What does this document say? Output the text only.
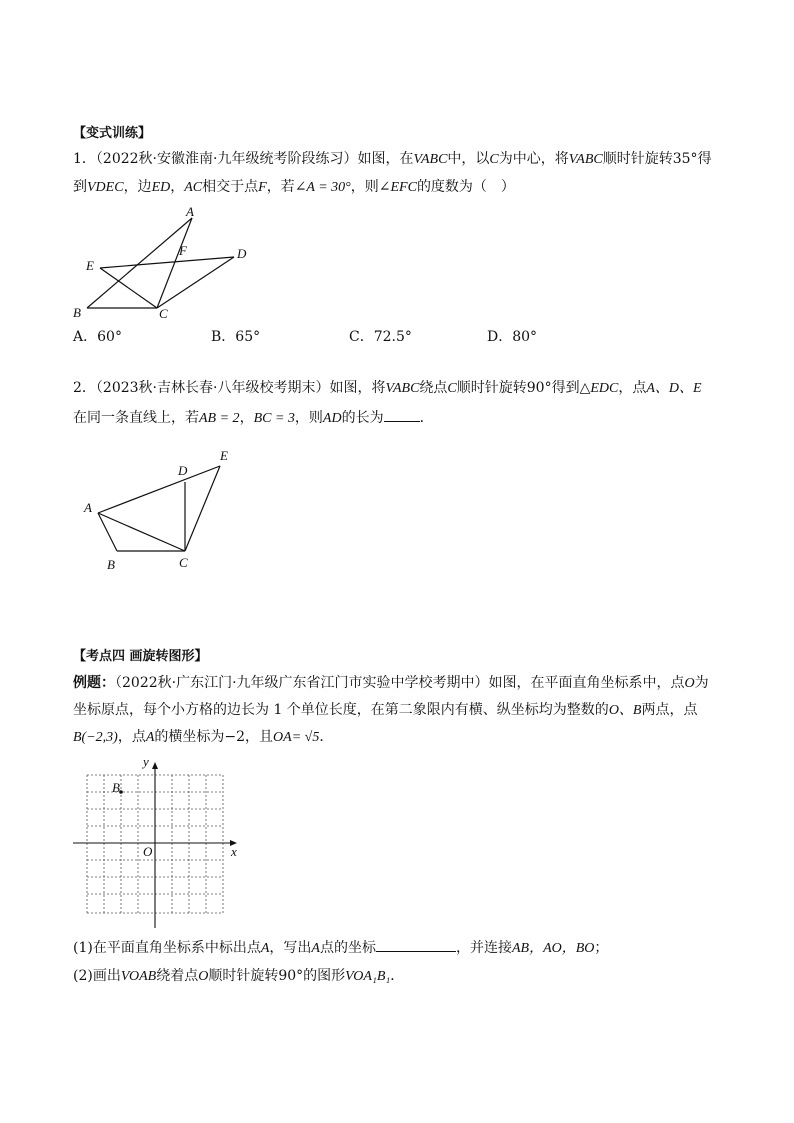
【变式训练】
1．（2022秋·安徽淮南·九年级统考阶段练习）如图，在VABC中，以C为中心，将VABC顺时针旋转35°得
到VDEC，边ED，AC相交于点F，若∠A = 30°，则∠EFC的度数为（　）
A
B	C
D
E
F
A．60°	B．65°	C．72.5°	D．80°
2．（2023秋·吉林长春·八年级校考期末）如图，将VABC绕点C顺时针旋转90°得到△EDC，点A、D、E
在同一条直线上，若AB = 2，BC = 3，则AD的长为	．
A
B	C
D
E
【考点四 画旋转图形】
例题：（2022秋·广东江门·九年级广东省江门市实验中学校考期中）如图，在平面直角坐标系中，点O为
坐标原点，每个小方格的边长为 1 个单位长度，在第二象限内有横、纵坐标均为整数的O、B两点，点
B(−2,3)，点A的横坐标为−2，且OA= √5．
y
x
O
B
(1)在平面直角坐标系中标出点A，写出A点的坐标	，并连接AB，AO，BO；
(2)画出VOAB绕着点O顺时针旋转90°的图形VOA₁B₁．
